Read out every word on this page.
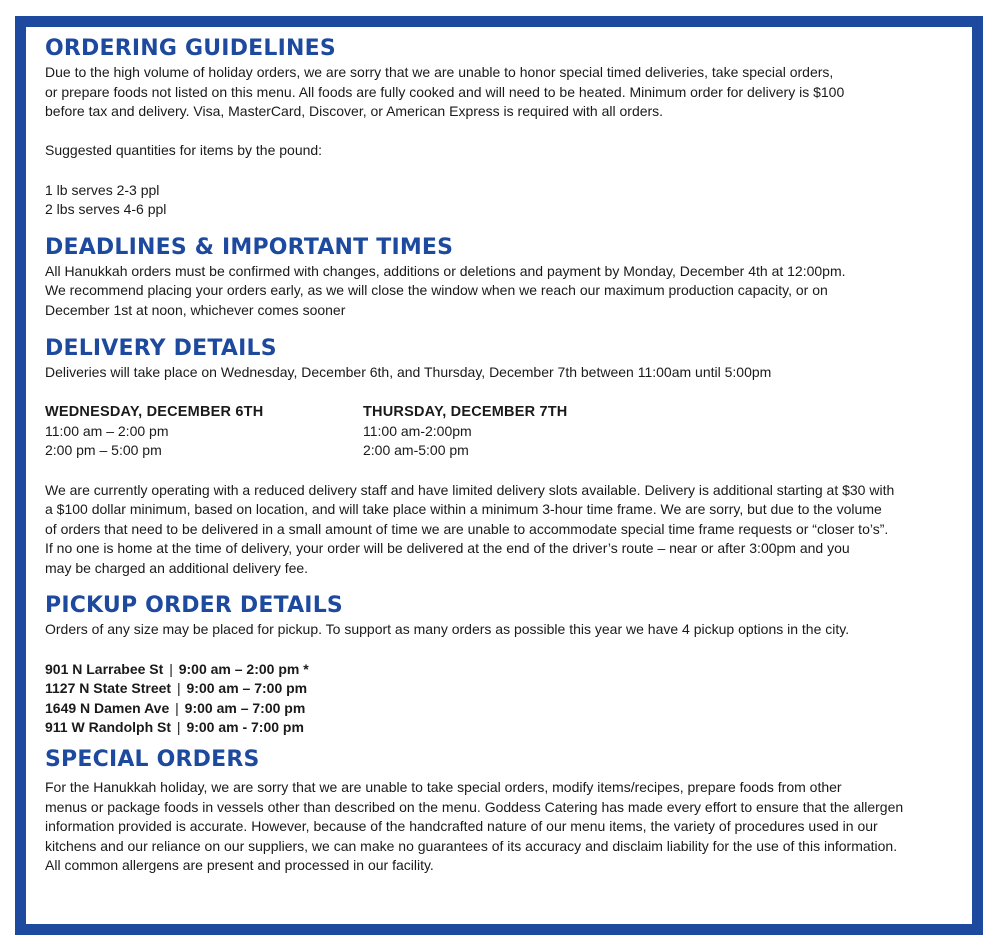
ORDERING GUIDELINES

Due to the high volume of holiday orders, we are sorry that we are unable to honor special timed deliveries, take special orders,

or prepare foods not listed on this menu. All foods are fully cooked and will need to be heated. Minimum order for delivery is $100

before tax and delivery. Visa, MasterCard, Discover, or American Express is required with all orders.

Suggested quantities for items by the pound:

1 lb serves 2-3 ppl

2 lbs serves 4-6 ppl

DEADLINES & IMPORTANT TIMES

All Hanukkah orders must be confirmed with changes, additions or deletions and payment by Monday, December 4th at 12:00pm.

We recommend placing your orders early, as we will close the window when we reach our maximum production capacity, or on

December 1st at noon, whichever comes sooner

DELIVERY DETAILS

Deliveries will take place on Wednesday, December 6th, and Thursday, December 7th between 11:00am until 5:00pm

WEDNESDAY, DECEMBER 6TH
11:00 am – 2:00 pm
2:00 pm – 5:00 pm
THURSDAY, DECEMBER 7TH
11:00 am-2:00pm
2:00 am-5:00 pm

We are currently operating with a reduced delivery staff and have limited delivery slots available. Delivery is additional starting at $30 with

a $100 dollar minimum, based on location, and will take place within a minimum 3-hour time frame. We are sorry, but due to the volume

of orders that need to be delivered in a small amount of time we are unable to accommodate special time frame requests or “closer to’s”.

If no one is home at the time of delivery, your order will be delivered at the end of the driver’s route – near or after 3:00pm and you

may be charged an additional delivery fee.

PICKUP ORDER DETAILS

Orders of any size may be placed for pickup. To support as many orders as possible this year we have 4 pickup options in the city.

901 N Larrabee St | 9:00 am – 2:00 pm *
1127 N State Street | 9:00 am – 7:00 pm
1649 N Damen Ave | 9:00 am – 7:00 pm
911 W Randolph St | 9:00 am - 7:00 pm
SPECIAL ORDERS

For the Hanukkah holiday, we are sorry that we are unable to take special orders, modify items/recipes, prepare foods from other

menus or package foods in vessels other than described on the menu. Goddess Catering has made every effort to ensure that the allergen

information provided is accurate. However, because of the handcrafted nature of our menu items, the variety of procedures used in our

kitchens and our reliance on our suppliers, we can make no guarantees of its accuracy and disclaim liability for the use of this information.

All common allergens are present and processed in our facility.
